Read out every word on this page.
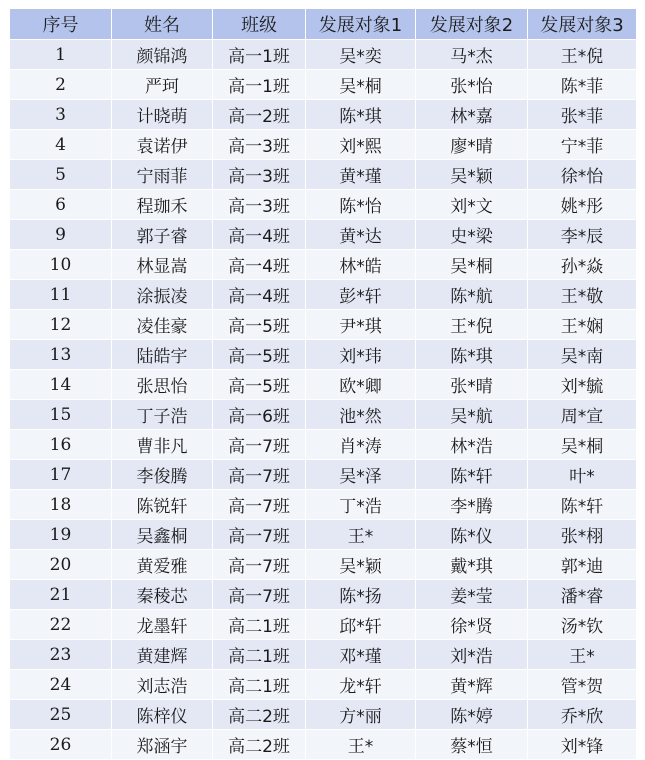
序号	姓名	班级	发展对象1	发展对象2	发展对象3
1	颜锦鸿	高一1班	吴*奕	马*杰	王*倪
2	严珂	高一1班	吴*桐	张*怡	陈*菲
3	计晓萌	高一2班	陈*琪	林*嘉	张*菲
4	袁诺伊	高一3班	刘*熙	廖*晴	宁*菲
5	宁雨菲	高一3班	黄*瑾	吴*颖	徐*怡
6	程珈禾	高一3班	陈*怡	刘*文	姚*彤
9	郭子睿	高一4班	黄*达	史*梁	李*辰
10	林显嵩	高一4班	林*皓	吴*桐	孙*焱
11	涂振凌	高一4班	彭*轩	陈*航	王*敬
12	凌佳豪	高一5班	尹*琪	王*倪	王*娴
13	陆皓宇	高一5班	刘*玮	陈*琪	吴*南
14	张思怡	高一5班	欧*卿	张*晴	刘*毓
15	丁子浩	高一6班	池*然	吴*航	周*宣
16	曹非凡	高一7班	肖*涛	林*浩	吴*桐
17	李俊腾	高一7班	吴*泽	陈*轩	叶*
18	陈锐轩	高一7班	丁*浩	李*腾	陈*轩
19	吴鑫桐	高一7班	王*	陈*仪	张*栩
20	黄爱雅	高一7班	吴*颖	戴*琪	郭*迪
21	秦稜芯	高一7班	陈*扬	姜*莹	潘*睿
22	龙墨轩	高二1班	邱*轩	徐*贤	汤*钦
23	黄建辉	高二1班	邓*瑾	刘*浩	王*
24	刘志浩	高二1班	龙*轩	黄*辉	管*贺
25	陈梓仪	高二2班	方*丽	陈*婷	乔*欣
26	郑涵宇	高二2班	王*	蔡*恒	刘*锋
